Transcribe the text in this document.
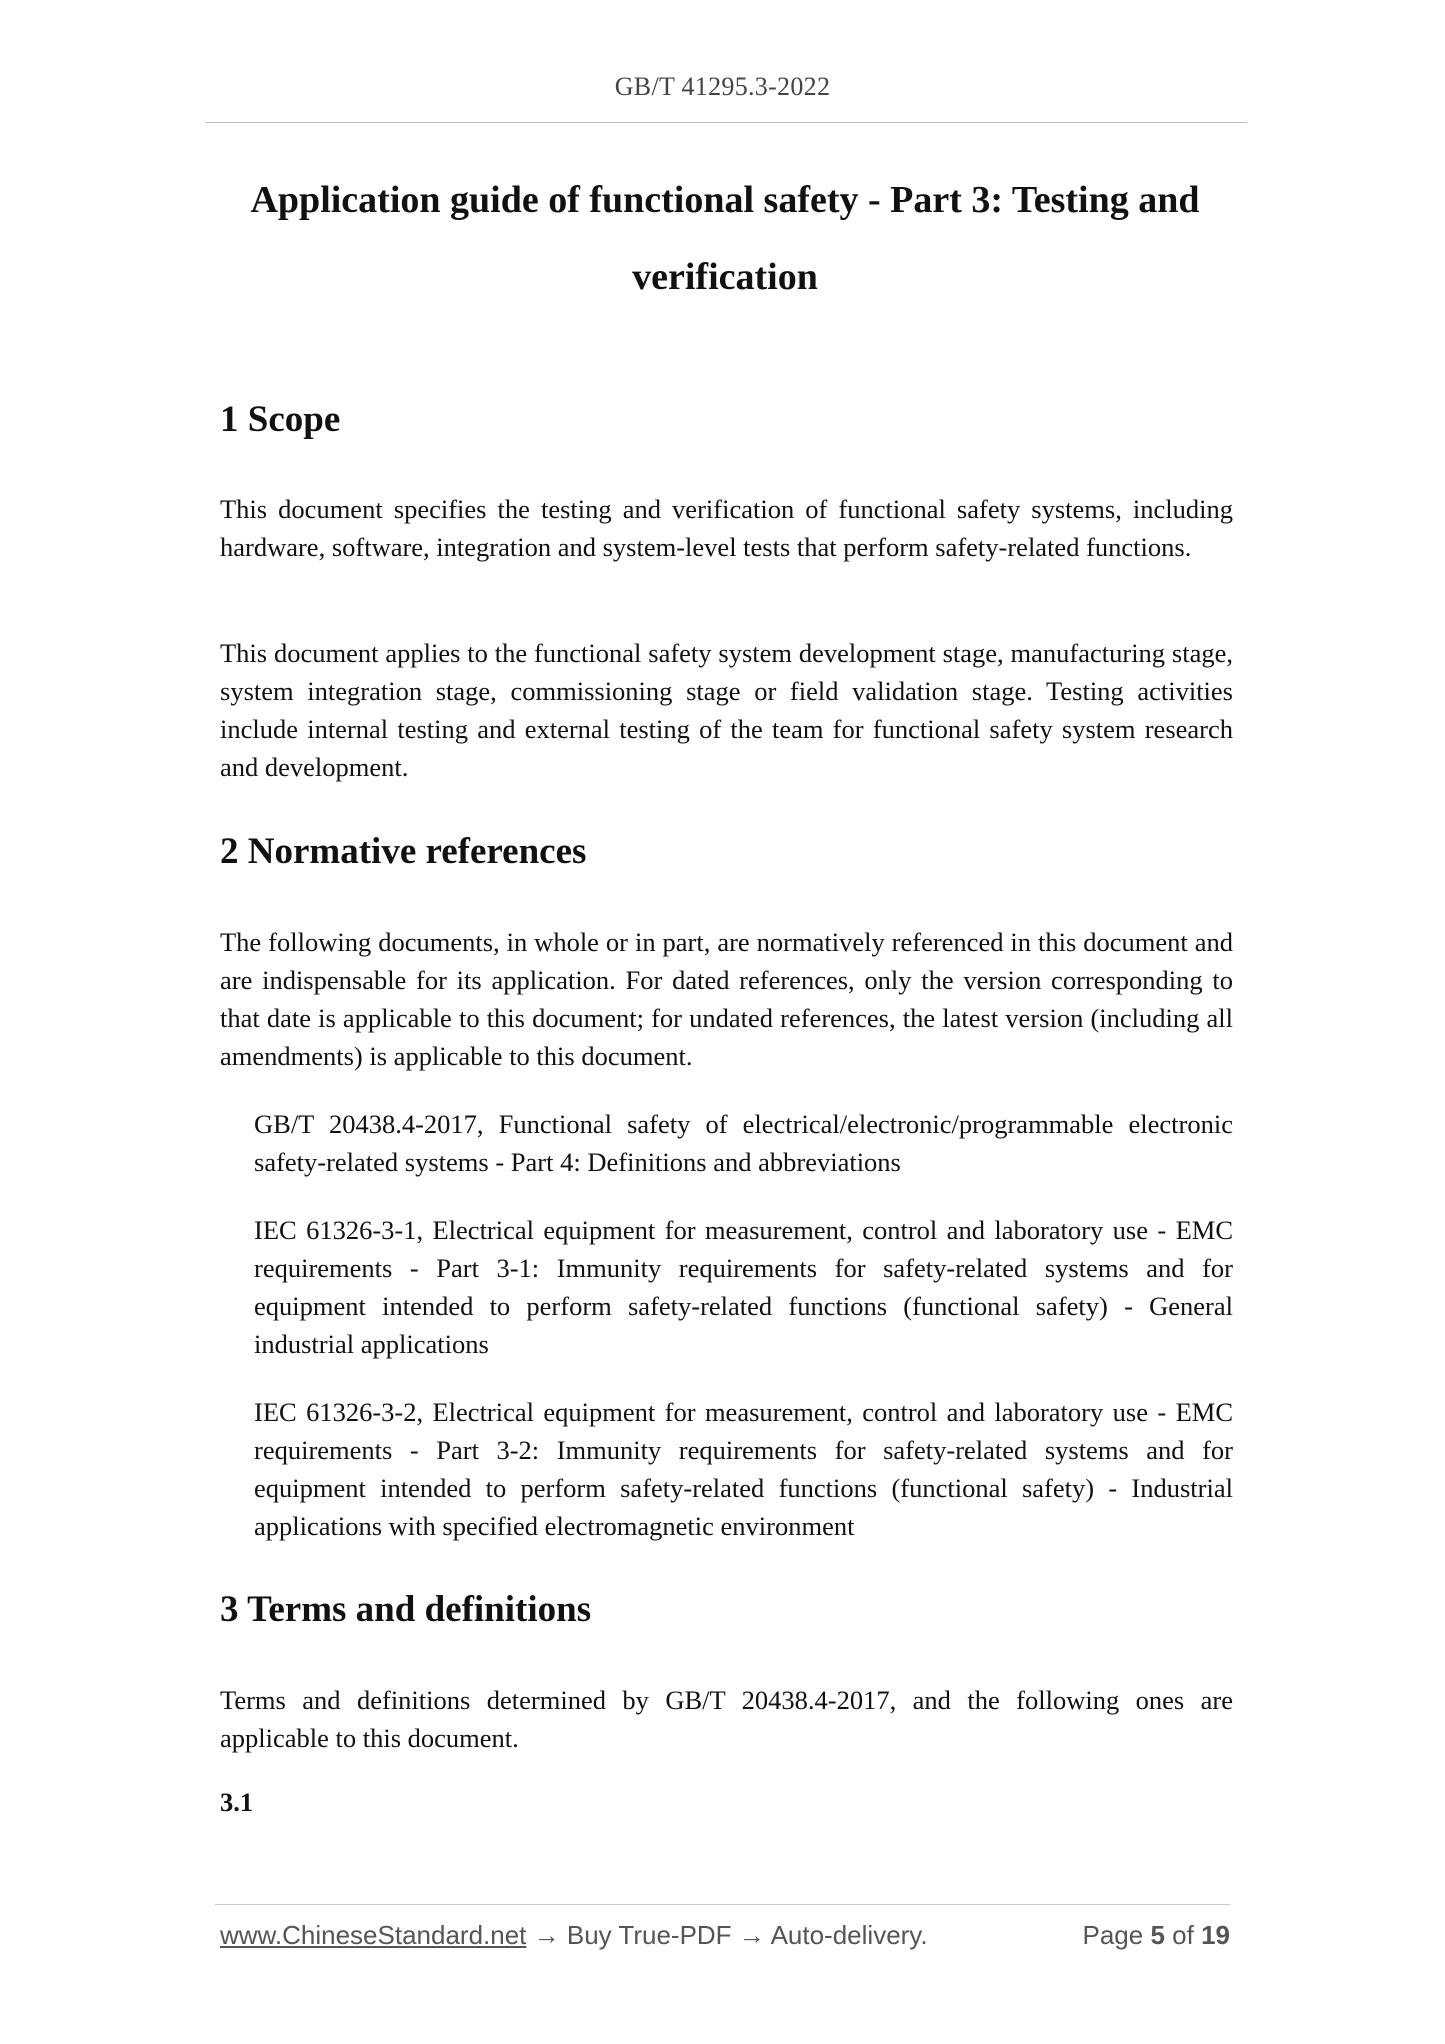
GB/T 41295.3-2022
Application guide of functional safety - Part 3: Testing and verification
1 Scope

This document specifies the testing and verification of functional safety systems, including hardware, software, integration and system-level tests that perform safety-related functions.

This document applies to the functional safety system development stage, manufacturing stage, system integration stage, commissioning stage or field validation stage. Testing activities include internal testing and external testing of the team for functional safety system research and development.

2 Normative references

The following documents, in whole or in part, are normatively referenced in this document and are indispensable for its application. For dated references, only the version corresponding to that date is applicable to this document; for undated references, the latest version (including all amendments) is applicable to this document.

GB/T 20438.4-2017, Functional safety of electrical/electronic/programmable electronic safety-related systems - Part 4: Definitions and abbreviations

IEC 61326-3-1, Electrical equipment for measurement, control and laboratory use - EMC requirements - Part 3-1: Immunity requirements for safety-related systems and for equipment intended to perform safety-related functions (functional safety) - General industrial applications

IEC 61326-3-2, Electrical equipment for measurement, control and laboratory use - EMC requirements - Part 3-2: Immunity requirements for safety-related systems and for equipment intended to perform safety-related functions (functional safety) - Industrial applications with specified electromagnetic environment

3 Terms and definitions

Terms and definitions determined by GB/T 20438.4-2017, and the following ones are applicable to this document.

3.1

www.ChineseStandard.net → Buy True-PDF → Auto-delivery.	Page 5 of 19
